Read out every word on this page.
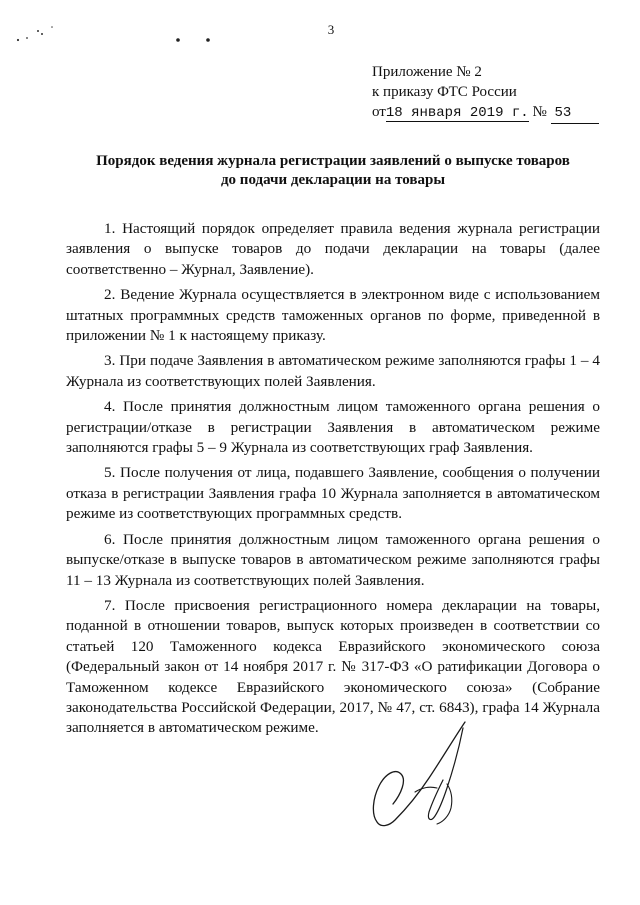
3
Приложение № 2
к приказу ФТС России
от18 января 2019 г. № 53
Порядок ведения журнала регистрации заявлений о выпуске товаров
до подачи декларации на товары

1. Настоящий порядок определяет правила ведения журнала регистрации заявления о выпуске товаров до подачи декларации на товары (далее соответственно – Журнал, Заявление).

2. Ведение Журнала осуществляется в электронном виде с использованием штатных программных средств таможенных органов по форме, приведенной в приложении № 1 к настоящему приказу.

3. При подаче Заявления в автоматическом режиме заполняются графы 1 – 4 Журнала из соответствующих полей Заявления.

4. После принятия должностным лицом таможенного органа решения о регистрации/отказе в регистрации Заявления в автоматическом режиме заполняются графы 5 – 9 Журнала из соответствующих граф Заявления.

5. После получения от лица, подавшего Заявление, сообщения о получении отказа в регистрации Заявления графа 10 Журнала заполняется в автоматическом режиме из соответствующих программных средств.

6. После принятия должностным лицом таможенного органа решения о выпуске/отказе в выпуске товаров в автоматическом режиме заполняются графы 11 – 13 Журнала из соответствующих полей Заявления.

7. После присвоения регистрационного номера декларации на товары, поданной в отношении товаров, выпуск которых произведен в соответствии со статьей 120 Таможенного кодекса Евразийского экономического союза (Федеральный закон от 14 ноября 2017 г. № 317-ФЗ «О ратификации Договора о Таможенном кодексе Евразийского экономического союза» (Собрание законодательства Российской Федерации, 2017, № 47, ст. 6843), графа 14 Журнала заполняется в автоматическом режиме.
